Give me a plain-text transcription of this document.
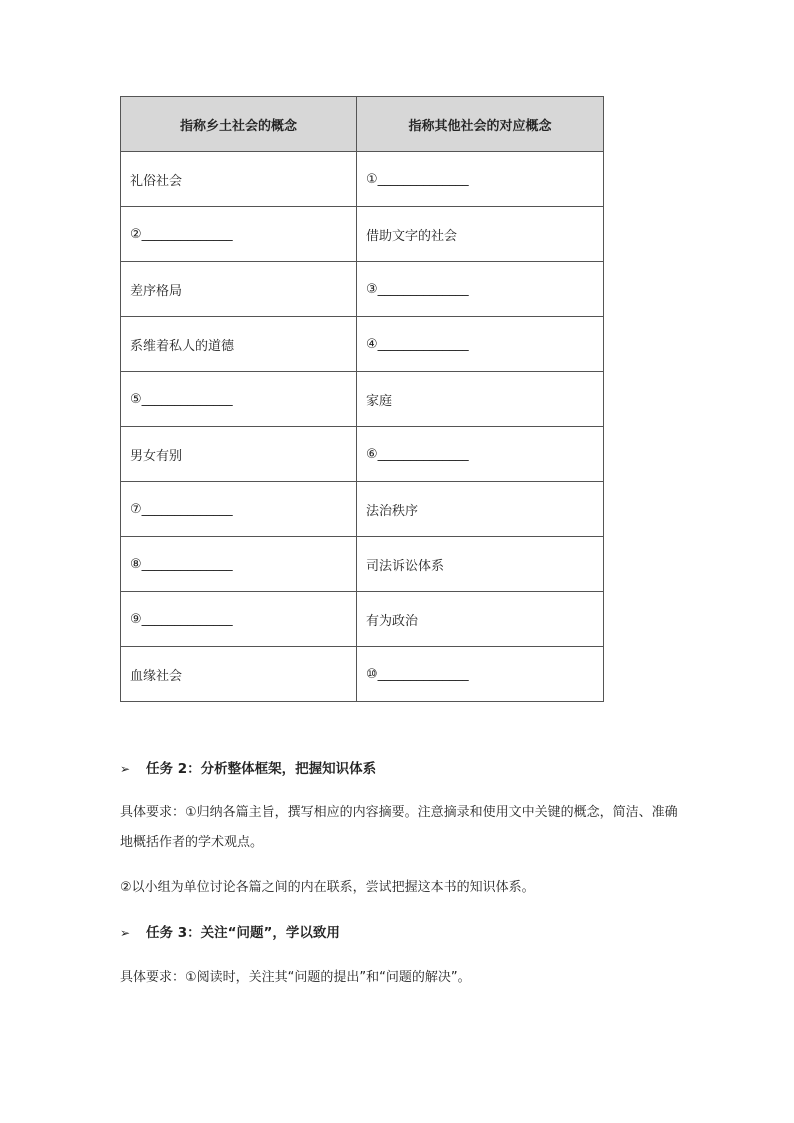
指称乡土社会的概念	指称其他社会的对应概念
礼俗社会	①______________
②______________	借助文字的社会
差序格局	③______________
系维着私人的道德	④______________
⑤______________	家庭
男女有别	⑥______________
⑦______________	法治秩序
⑧______________	司法诉讼体系
⑨______________	有为政治
血缘社会	⑩______________
➢ 任务 2：分析整体框架，把握知识体系
具体要求：①归纳各篇主旨，撰写相应的内容摘要。注意摘录和使用文中关键的概念，简洁、准确地概括作者的学术观点。
②以小组为单位讨论各篇之间的内在联系，尝试把握这本书的知识体系。
➢ 任务 3：关注“问题”，学以致用
具体要求：①阅读时，关注其“问题的提出”和“问题的解决”。
